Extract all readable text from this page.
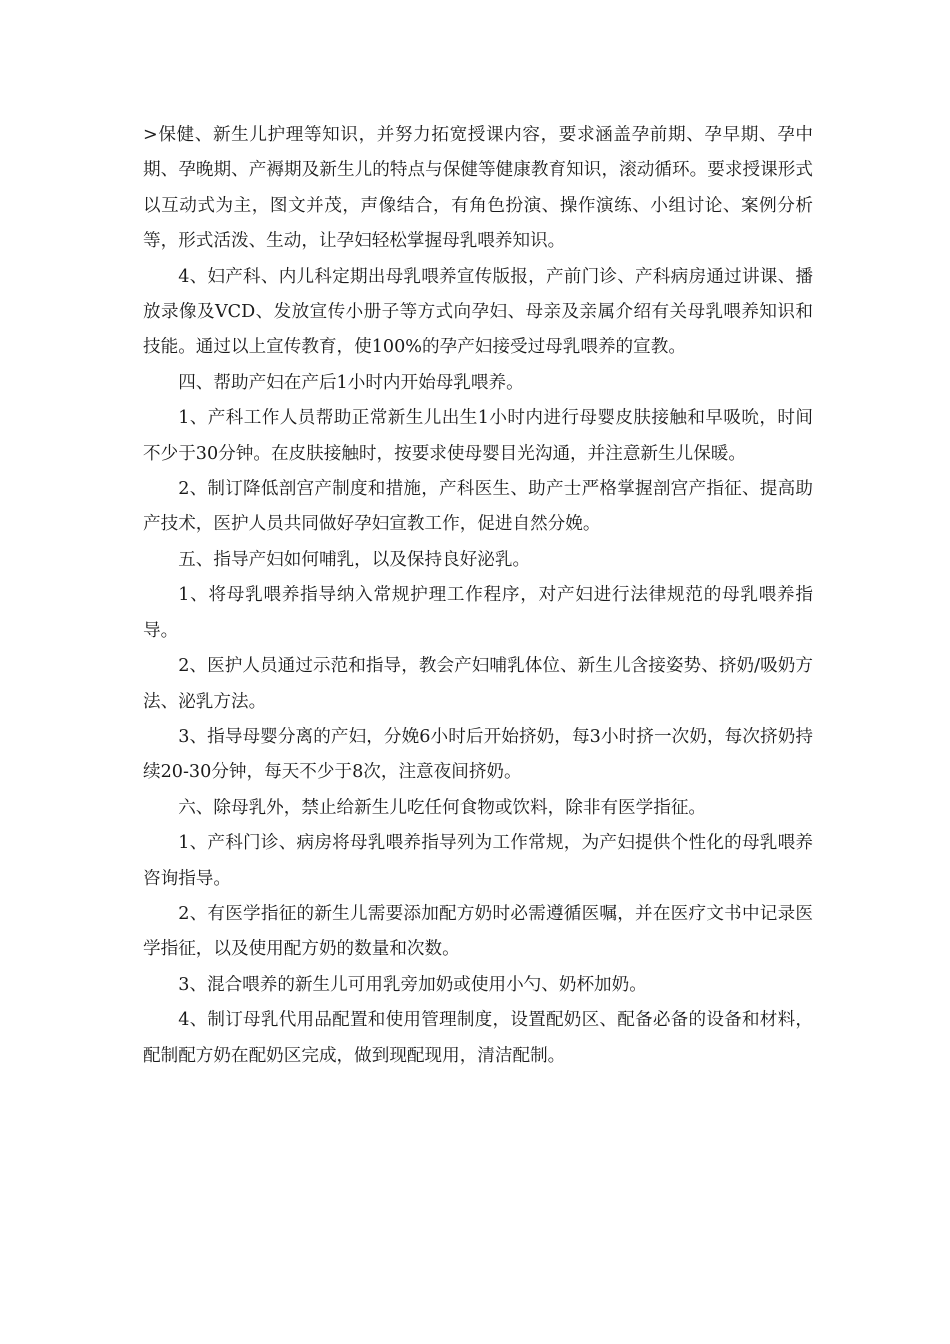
>保健、新生儿护理等知识，并努力拓宽授课内容，要求涵盖孕前期、孕早期、孕中期、孕晚期、产褥期及新生儿的特点与保健等健康教育知识，滚动循环。要求授课形式以互动式为主，图文并茂，声像结合，有角色扮演、操作演练、小组讨论、案例分析等，形式活泼、生动，让孕妇轻松掌握母乳喂养知识。

4、妇产科、内儿科定期出母乳喂养宣传版报，产前门诊、产科病房通过讲课、播放录像及VCD、发放宣传小册子等方式向孕妇、母亲及亲属介绍有关母乳喂养知识和技能。通过以上宣传教育，使100%的孕产妇接受过母乳喂养的宣教。

四、帮助产妇在产后1小时内开始母乳喂养。

1、产科工作人员帮助正常新生儿出生1小时内进行母婴皮肤接触和早吸吮，时间不少于30分钟。在皮肤接触时，按要求使母婴目光沟通，并注意新生儿保暖。

2、制订降低剖宫产制度和措施，产科医生、助产士严格掌握剖宫产指征、提高助产技术，医护人员共同做好孕妇宣教工作，促进自然分娩。

五、指导产妇如何哺乳，以及保持良好泌乳。

1、将母乳喂养指导纳入常规护理工作程序，对产妇进行法律规范的母乳喂养指导。

2、医护人员通过示范和指导，教会产妇哺乳体位、新生儿含接姿势、挤奶/吸奶方法、泌乳方法。

3、指导母婴分离的产妇，分娩6小时后开始挤奶，每3小时挤一次奶，每次挤奶持续20-30分钟，每天不少于8次，注意夜间挤奶。

六、除母乳外，禁止给新生儿吃任何食物或饮料，除非有医学指征。

1、产科门诊、病房将母乳喂养指导列为工作常规，为产妇提供个性化的母乳喂养咨询指导。

2、有医学指征的新生儿需要添加配方奶时必需遵循医嘱，并在医疗文书中记录医学指征，以及使用配方奶的数量和次数。

3、混合喂养的新生儿可用乳旁加奶或使用小勺、奶杯加奶。

4、制订母乳代用品配置和使用管理制度，设置配奶区、配备必备的设备和材料，配制配方奶在配奶区完成，做到现配现用，清洁配制。
